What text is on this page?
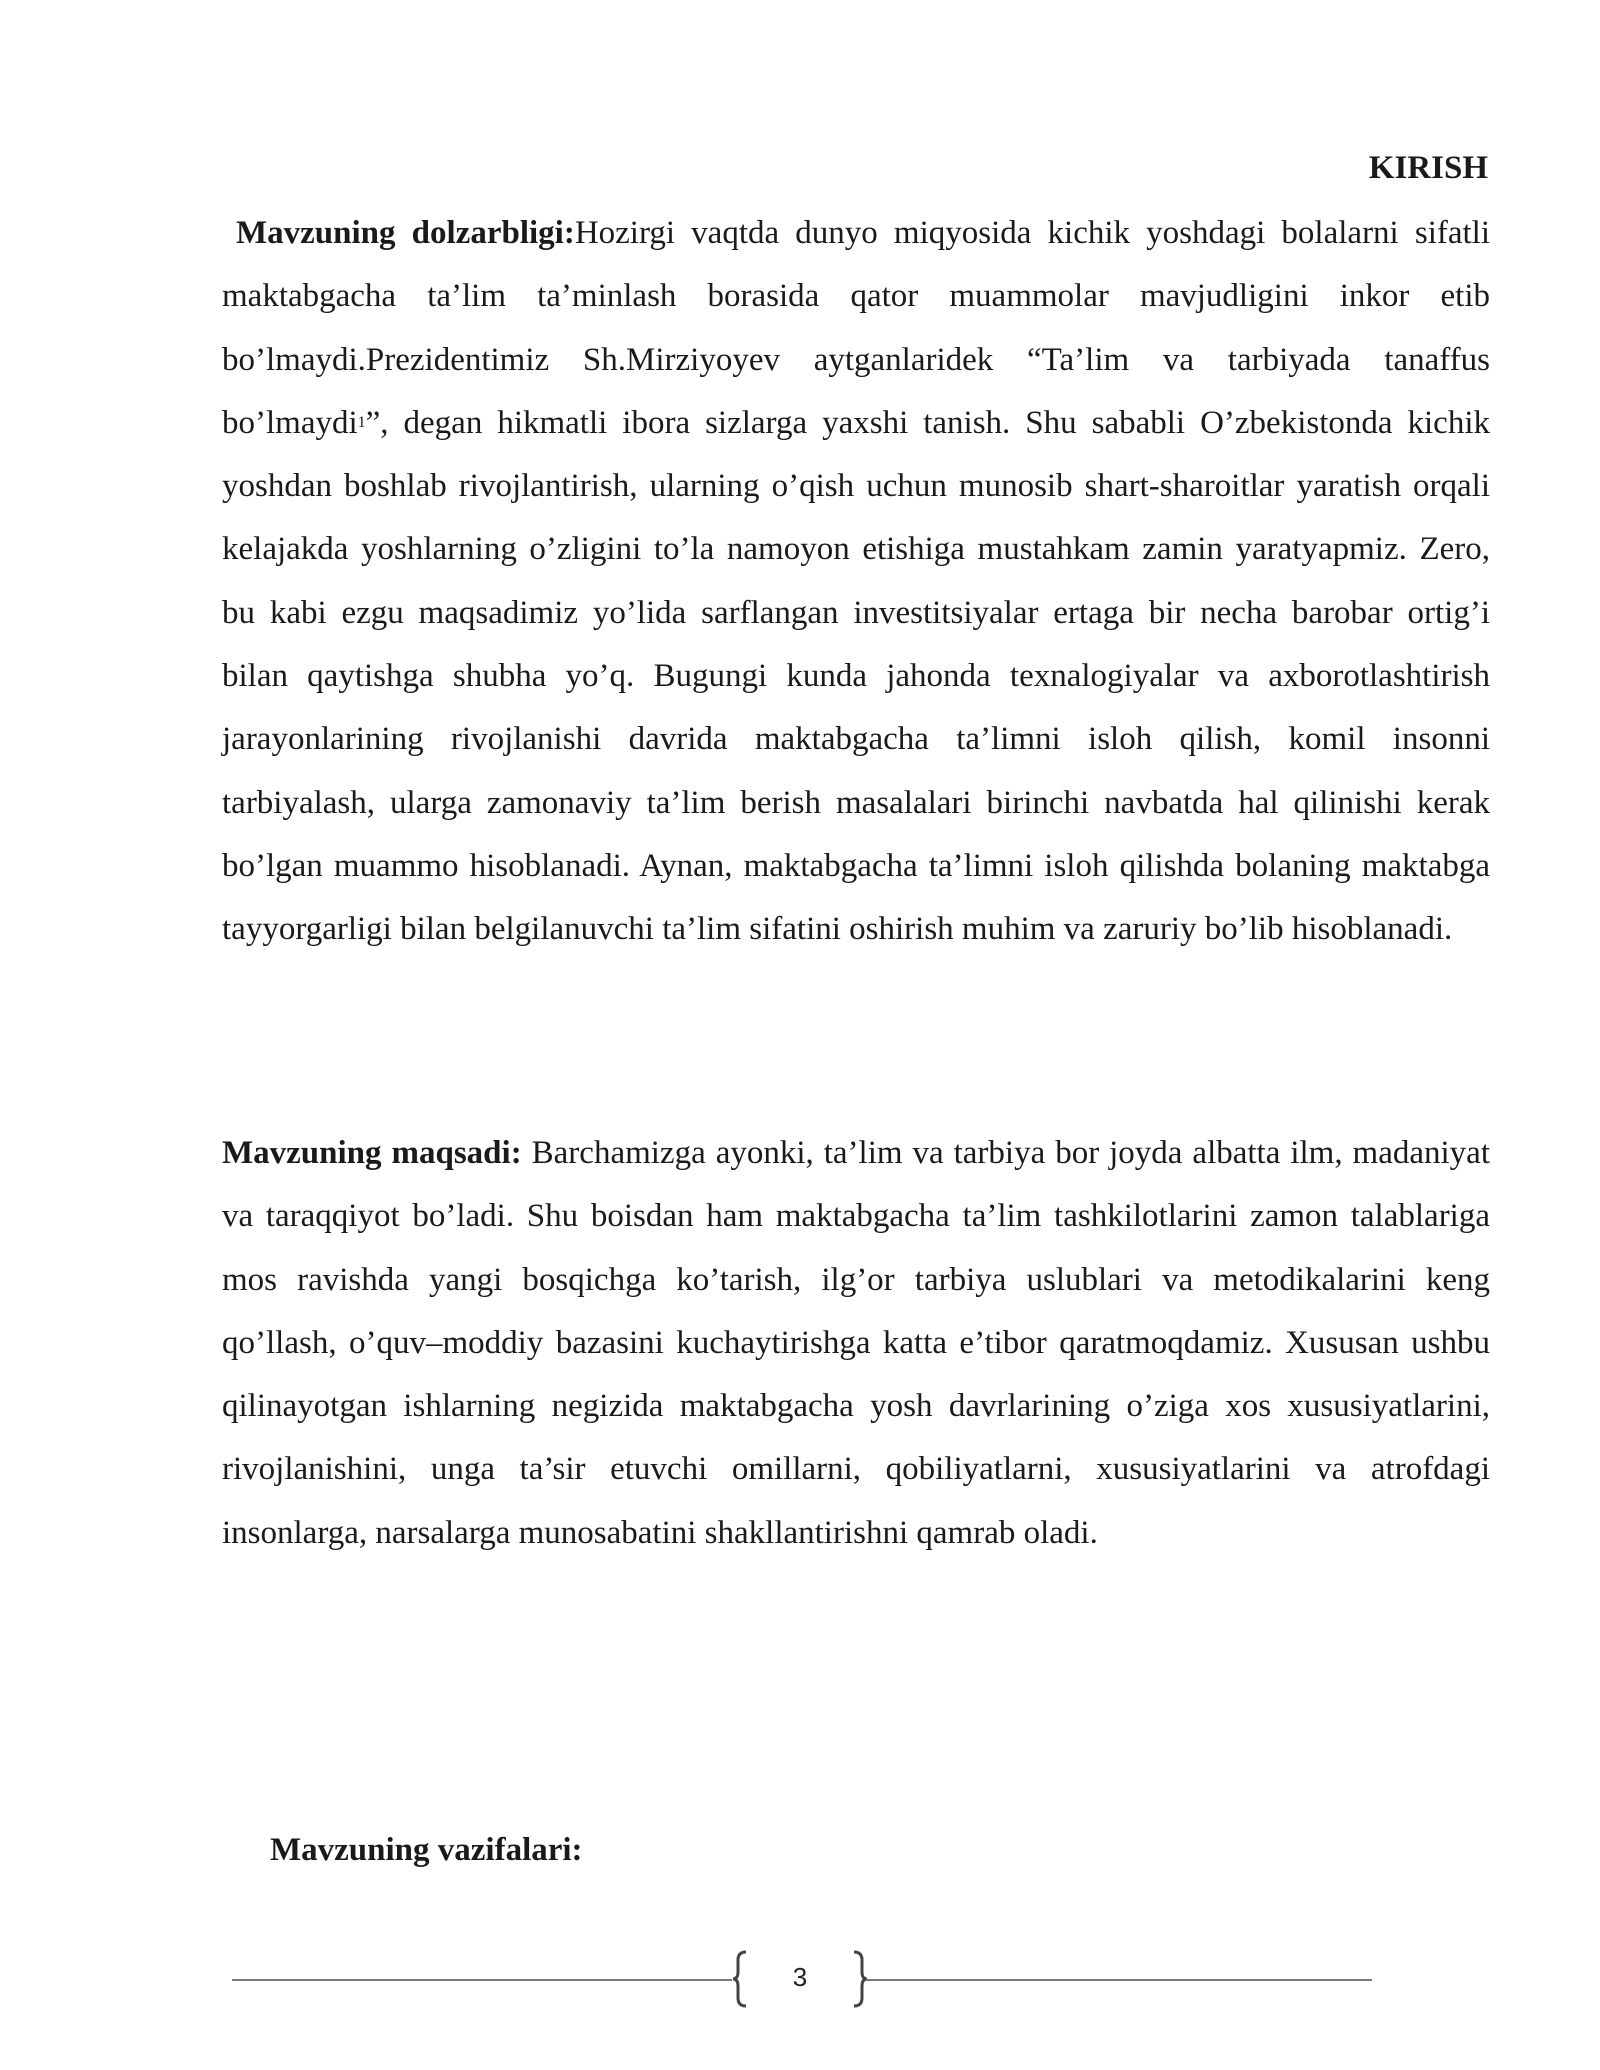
KIRISH

Mavzuning dolzarbligi:Hozirgi vaqtda dunyo miqyosida kichik yoshdagi bolalarni sifatli maktabgacha ta’lim ta’minlash borasida qator muammolar mavjudligini inkor etib bo’lmaydi.Prezidentimiz Sh.Mirziyoyev aytganlaridek “Ta’lim va tarbiyada tanaffus bo’lmaydi$^1$”, degan hikmatli ibora sizlarga yaxshi tanish. Shu sababli O’zbekistonda kichik yoshdan boshlab rivojlantirish, ularning o’qish uchun munosib shart-sharoitlar yaratish orqali kelajakda yoshlarning o’zligini to’la namoyon etishiga mustahkam zamin yaratyapmiz. Zero, bu kabi ezgu maqsadimiz yo’lida sarflangan investitsiyalar ertaga bir necha barobar ortig’i bilan qaytishga shubha yo’q. Bugungi kunda jahonda texnalogiyalar va axborotlashtirish jarayonlarining rivojlanishi davrida maktabgacha ta’limni isloh qilish, komil insonni tarbiyalash, ularga zamonaviy ta’lim berish masalalari birinchi navbatda hal qilinishi kerak bo’lgan muammo hisoblanadi. Aynan, maktabgacha ta’limni isloh qilishda bolaning maktabga tayyorgarligi bilan belgilanuvchi ta’lim sifatini oshirish muhim va zaruriy bo’lib hisoblanadi.

Mavzuning maqsadi: Barchamizga ayonki, ta’lim va tarbiya bor joyda albatta ilm, madaniyat va taraqqiyot bo’ladi. Shu boisdan ham maktabgacha ta’lim tashkilotlarini zamon talablariga mos ravishda yangi bosqichga ko’tarish, ilg’or tarbiya uslublari va metodikalarini keng qo’llash, o’quv–moddiy bazasini kuchaytirishga katta e’tibor qaratmoqdamiz. Xususan ushbu qilinayotgan ishlarning negizida maktabgacha yosh davrlarining o’ziga xos xususiyatlarini, rivojlanishini, unga ta’sir etuvchi omillarni, qobiliyatlarni, xususiyatlarini va atrofdagi insonlarga, narsalarga munosabatini shakllantirishni qamrab oladi.

Mavzuning vazifalari:
3
